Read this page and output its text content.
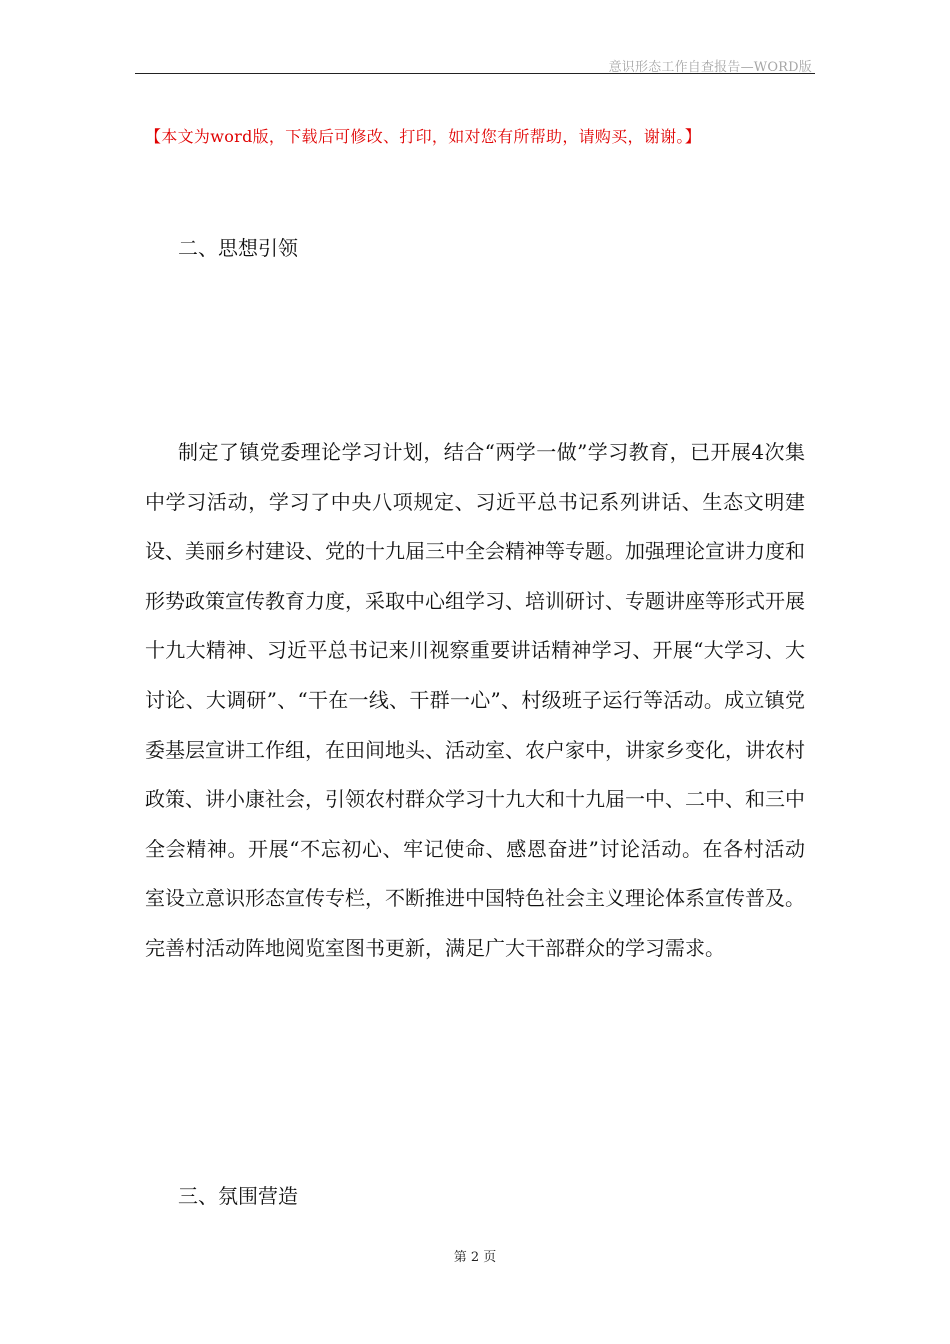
意识形态工作自查报告—WORD版
【本文为word版，下载后可修改、打印，如对您有所帮助，请购买，谢谢。】
二、思想引领
制定了镇党委理论学习计划，结合“两学一做”学习教育，已开展4次集中学习活动，学习了中央八项规定、习近平总书记系列讲话、生态文明建设、美丽乡村建设、党的十九届三中全会精神等专题。加强理论宣讲力度和形势政策宣传教育力度，采取中心组学习、培训研讨、专题讲座等形式开展十九大精神、习近平总书记来川视察重要讲话精神学习、开展“大学习、大讨论、大调研”、“干在一线、干群一心”、村级班子运行等活动。成立镇党委基层宣讲工作组，在田间地头、活动室、农户家中，讲家乡变化，讲农村政策、讲小康社会，引领农村群众学习十九大和十九届一中、二中、和三中全会精神。开展“不忘初心、牢记使命、感恩奋进”讨论活动。在各村活动室设立意识形态宣传专栏，不断推进中国特色社会主义理论体系宣传普及。完善村活动阵地阅览室图书更新，满足广大干部群众的学习需求。
三、氛围营造
第 2 页
